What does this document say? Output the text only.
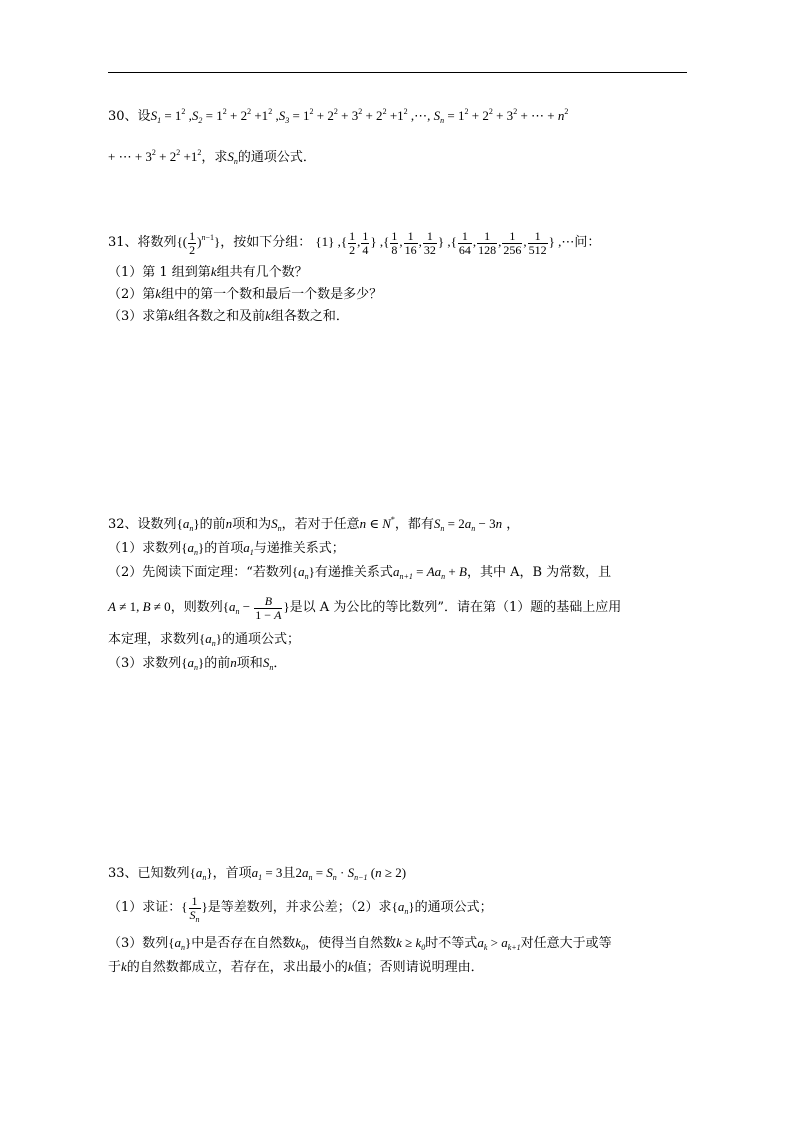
30、设$S_1 = 1^2$ $,S_2 = 1^2 + 2^2 +1^2$ $,S_3 = 1^2 + 2^2 + 3^2 + 2^2 +1^2$ ,⋯, $S_n = 1^2 + 2^2 + 3^2$ + ⋯ + $n^2$
+ ⋯ + $3^2 + 2^2 +1^2$，求$S_n$的通项公式．
31、将数列{( $\frac{1}{2} )^{n-1}$}，按如下分组： {1} ,{ $\frac{1}{2}$ , $\frac{1}{4}$ } ,{ $\frac{1}{8}$ , $\frac{1}{16}$ , $\frac{1}{32}$ } ,{ $\frac{1}{64}$ , $\frac{1}{128}$ , $\frac{1}{256}$ , $\frac{1}{512}$ } ,⋯问：
（1）第 1 组到第k组共有几个数？
（2）第k组中的第一个数和最后一个数是多少？
（3）求第k组各数之和及前k组各数之和．
32、设数列$\{a_n\}$的前n项和为$S_n$，若对于任意n ∈ N*，都有$S_n = 2a_n - 3n$ ，
（1）求数列$\{a_n\}$的首项$a_1$与递推关系式；
（2）先阅读下面定理：“若数列$\{a_n\}$有递推关系式$a_{n+1} = Aa_n + B$，其中 A，B 为常数，且
A ≠ 1, B ≠ 0，则数列{$a_n - \frac{B}{1 - A}$ }是以 A 为公比的等比数列”．请在第（1）题的基础上应用
本定理，求数列$\{a_n\}$的通项公式；
（3）求数列$\{a_n\}$的前n项和$S_n$．
33、已知数列$\{a_n\}$，首项$a_1 = 3$且$2a_n = S_n \cdot S_{n-1}$ (n ≥ 2)
（1）求证：{ $\frac{1}{S_n}$ }是等差数列，并求公差；（2）求$\{a_n\}$的通项公式；
（3）数列$\{a_n\}$中是否存在自然数$k_0$，使得当自然数$k \ge k_0$时不等式$a_k > a_{k+1}$对任意大于或等
于k的自然数都成立，若存在，求出最小的k值；否则请说明理由．
